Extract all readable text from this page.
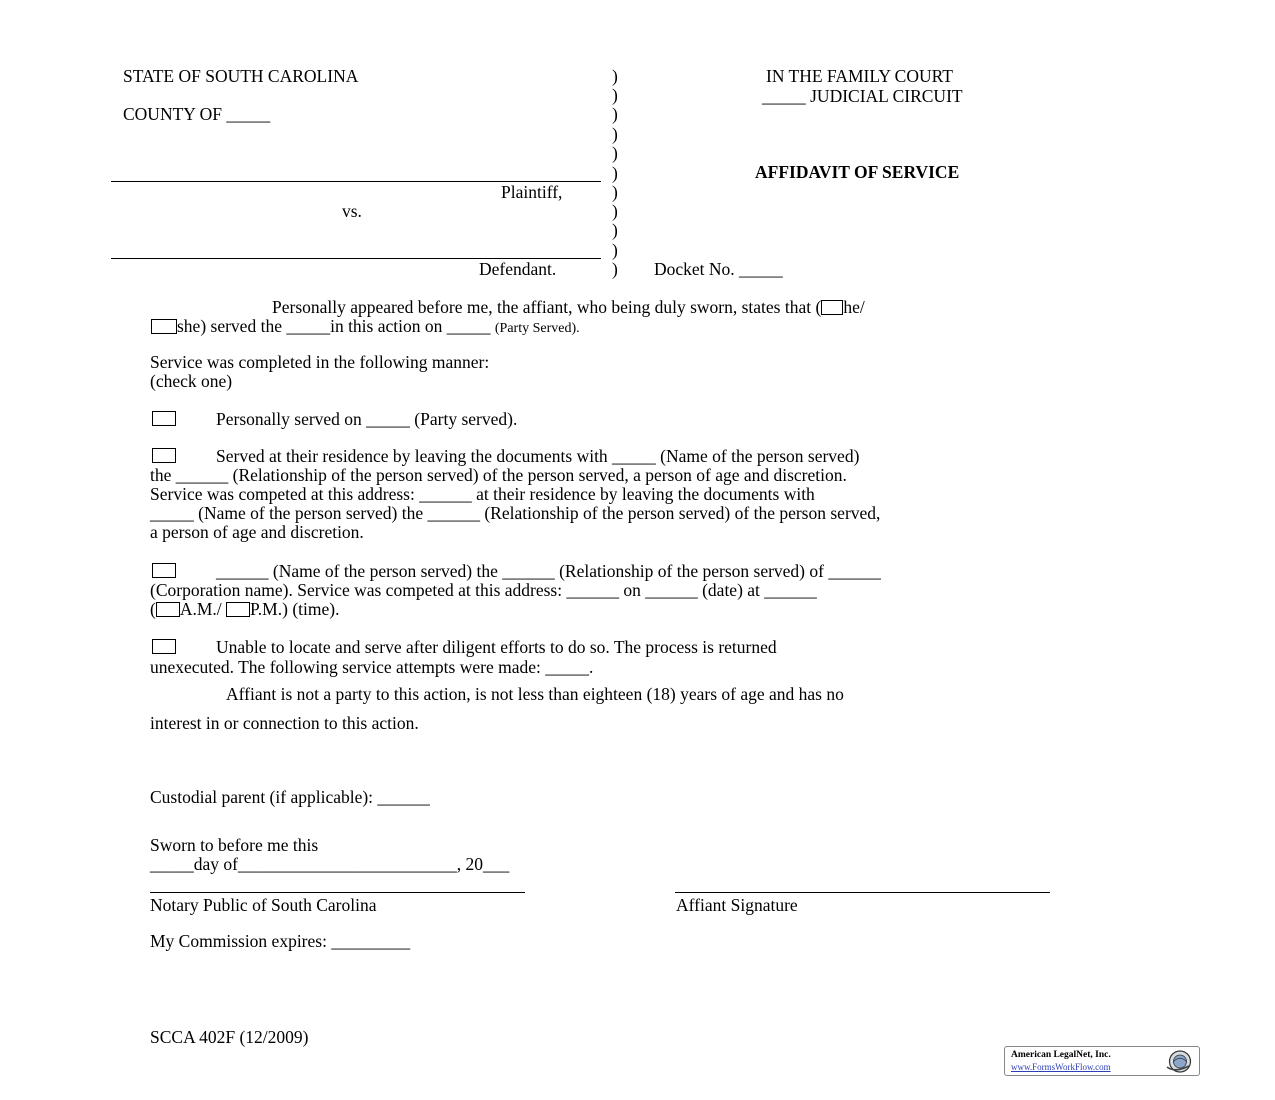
STATE OF SOUTH CAROLINA
COUNTY OF _____
IN THE FAMILY COURT
_____ JUDICIAL CIRCUIT
AFFIDAVIT OF SERVICE
Plaintiff,
vs.
Defendant.	Docket No. _____
)
)
)
)
)
)
)
)
)
)
)
Personally appeared before me, the affiant, who being duly sworn, states that ( he/
she) served the _____in this action on _____ (Party Served).
Service was completed in the following manner:
(check one)
Personally served on _____ (Party served).
Served at their residence by leaving the documents with _____ (Name of the person served)
the ______ (Relationship of the person served) of the person served, a person of age and discretion.
Service was competed at this address: ______ at their residence by leaving the documents with
_____ (Name of the person served) the ______ (Relationship of the person served) of the person served,
a person of age and discretion.
______ (Name of the person served) the ______ (Relationship of the person served) of ______
(Corporation name). Service was competed at this address: ______ on ______ (date) at ______
( A.M./ P.M.) (time).
Unable to locate and serve after diligent efforts to do so. The process is returned
unexecuted. The following service attempts were made: _____.
Affiant is not a party to this action, is not less than eighteen (18) years of age and has no
interest in or connection to this action.
Custodial parent (if applicable): ______
Sworn to before me this
_____day of_________________________, 20___
Notary Public of South Carolina	Affiant Signature
My Commission expires: _________
SCCA 402F (12/2009)
American LegalNet, Inc.
www.FormsWorkFlow.com
